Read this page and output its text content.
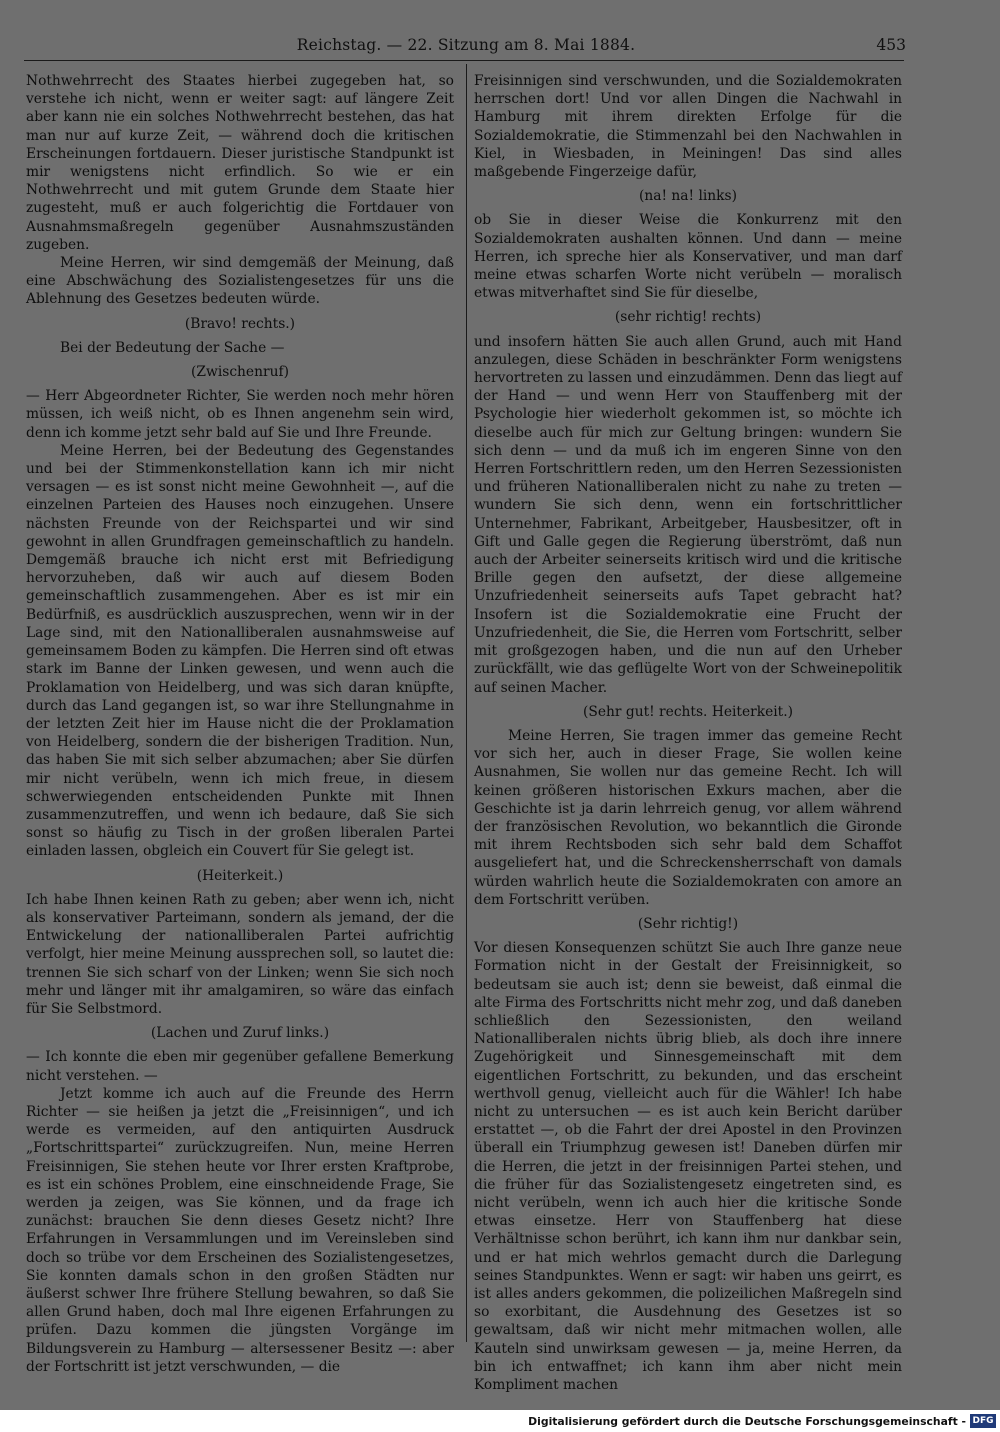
Reichstag. — 22. Sitzung am 8. Mai 1884.	453

Nothwehrrecht des Staates hierbei zugegeben hat, so verstehe ich nicht, wenn er weiter sagt: auf längere Zeit aber kann nie ein solches Nothwehrrecht bestehen, das hat man nur auf kurze Zeit, — während doch die kritischen Erscheinungen fortdauern. Dieser juristische Standpunkt ist mir wenigstens nicht erfindlich. So wie er ein Nothwehrrecht und mit gutem Grunde dem Staate hier zugesteht, muß er auch folgerichtig die Fortdauer von Ausnahmsmaßregeln gegenüber Ausnahmszuständen zugeben.

Meine Herren, wir sind demgemäß der Meinung, daß eine Abschwächung des Sozialistengesetzes für uns die Ablehnung des Gesetzes bedeuten würde.

(Bravo! rechts.)

Bei der Bedeutung der Sache —

(Zwischenruf)

— Herr Abgeordneter Richter, Sie werden noch mehr hören müssen, ich weiß nicht, ob es Ihnen angenehm sein wird, denn ich komme jetzt sehr bald auf Sie und Ihre Freunde.

Meine Herren, bei der Bedeutung des Gegenstandes und bei der Stimmenkonstellation kann ich mir nicht versagen — es ist sonst nicht meine Gewohnheit —, auf die einzelnen Parteien des Hauses noch einzugehen. Unsere nächsten Freunde von der Reichspartei und wir sind gewohnt in allen Grundfragen gemeinschaftlich zu handeln. Demgemäß brauche ich nicht erst mit Befriedigung hervorzuheben, daß wir auch auf diesem Boden gemeinschaftlich zusammengehen. Aber es ist mir ein Bedürfniß, es ausdrücklich auszusprechen, wenn wir in der Lage sind, mit den Nationalliberalen ausnahmsweise auf gemeinsamem Boden zu kämpfen. Die Herren sind oft etwas stark im Banne der Linken gewesen, und wenn auch die Proklamation von Heidelberg, und was sich daran knüpfte, durch das Land gegangen ist, so war ihre Stellungnahme in der letzten Zeit hier im Hause nicht die der Proklamation von Heidelberg, sondern die der bisherigen Tradition. Nun, das haben Sie mit sich selber abzumachen; aber Sie dürfen mir nicht verübeln, wenn ich mich freue, in diesem schwerwiegenden entscheidenden Punkte mit Ihnen zusammenzutreffen, und wenn ich bedaure, daß Sie sich sonst so häufig zu Tisch in der großen liberalen Partei einladen lassen, obgleich ein Couvert für Sie gelegt ist.

(Heiterkeit.)

Ich habe Ihnen keinen Rath zu geben; aber wenn ich, nicht als konservativer Parteimann, sondern als jemand, der die Entwickelung der nationalliberalen Partei aufrichtig verfolgt, hier meine Meinung aussprechen soll, so lautet die: trennen Sie sich scharf von der Linken; wenn Sie sich noch mehr und länger mit ihr amalgamiren, so wäre das einfach für Sie Selbstmord.

(Lachen und Zuruf links.)

— Ich konnte die eben mir gegenüber gefallene Bemerkung nicht verstehen. —

Jetzt komme ich auch auf die Freunde des Herrn Richter — sie heißen ja jetzt die „Freisinnigen“, und ich werde es vermeiden, auf den antiquirten Ausdruck „Fortschrittspartei“ zurückzugreifen. Nun, meine Herren Freisinnigen, Sie stehen heute vor Ihrer ersten Kraftprobe, es ist ein schönes Problem, eine einschneidende Frage, Sie werden ja zeigen, was Sie können, und da frage ich zunächst: brauchen Sie denn dieses Gesetz nicht? Ihre Erfahrungen in Versammlungen und im Vereinsleben sind doch so trübe vor dem Erscheinen des Sozialistengesetzes, Sie konnten damals schon in den großen Städten nur äußerst schwer Ihre frühere Stellung bewahren, so daß Sie allen Grund haben, doch mal Ihre eigenen Erfahrungen zu prüfen. Dazu kommen die jüngsten Vorgänge im Bildungsverein zu Hamburg — altersessener Besitz —: aber der Fortschritt ist jetzt verschwunden, — die

Freisinnigen sind verschwunden, und die Sozialdemokraten herrschen dort! Und vor allen Dingen die Nachwahl in Hamburg mit ihrem direkten Erfolge für die Sozialdemokratie, die Stimmenzahl bei den Nachwahlen in Kiel, in Wiesbaden, in Meiningen! Das sind alles maßgebende Fingerzeige dafür,

(na! na! links)

ob Sie in dieser Weise die Konkurrenz mit den Sozialdemokraten aushalten können. Und dann — meine Herren, ich spreche hier als Konservativer, und man darf meine etwas scharfen Worte nicht verübeln — moralisch etwas mitverhaftet sind Sie für dieselbe,

(sehr richtig! rechts)

und insofern hätten Sie auch allen Grund, auch mit Hand anzulegen, diese Schäden in beschränkter Form wenigstens hervortreten zu lassen und einzudämmen. Denn das liegt auf der Hand — und wenn Herr von Stauffenberg mit der Psychologie hier wiederholt gekommen ist, so möchte ich dieselbe auch für mich zur Geltung bringen: wundern Sie sich denn — und da muß ich im engeren Sinne von den Herren Fortschrittlern reden, um den Herren Sezessionisten und früheren Nationalliberalen nicht zu nahe zu treten — wundern Sie sich denn, wenn ein fortschrittlicher Unternehmer, Fabrikant, Arbeitgeber, Hausbesitzer, oft in Gift und Galle gegen die Regierung überströmt, daß nun auch der Arbeiter seinerseits kritisch wird und die kritische Brille gegen den aufsetzt, der diese allgemeine Unzufriedenheit seinerseits aufs Tapet gebracht hat? Insofern ist die Sozialdemokratie eine Frucht der Unzufriedenheit, die Sie, die Herren vom Fortschritt, selber mit großgezogen haben, und die nun auf den Urheber zurückfällt, wie das geflügelte Wort von der Schweinepolitik auf seinen Macher.

(Sehr gut! rechts. Heiterkeit.)

Meine Herren, Sie tragen immer das gemeine Recht vor sich her, auch in dieser Frage, Sie wollen keine Ausnahmen, Sie wollen nur das gemeine Recht. Ich will keinen größeren historischen Exkurs machen, aber die Geschichte ist ja darin lehrreich genug, vor allem während der französischen Revolution, wo bekanntlich die Gironde mit ihrem Rechtsboden sich sehr bald dem Schaffot ausgeliefert hat, und die Schreckensherrschaft von damals würden wahrlich heute die Sozialdemokraten con amore an dem Fortschritt verüben.

(Sehr richtig!)

Vor diesen Konsequenzen schützt Sie auch Ihre ganze neue Formation nicht in der Gestalt der Freisinnigkeit, so bedeutsam sie auch ist; denn sie beweist, daß einmal die alte Firma des Fortschritts nicht mehr zog, und daß daneben schließlich den Sezessionisten, den weiland Nationalliberalen nichts übrig blieb, als doch ihre innere Zugehörigkeit und Sinnesgemeinschaft mit dem eigentlichen Fortschritt, zu bekunden, und das erscheint werthvoll genug, vielleicht auch für die Wähler! Ich habe nicht zu untersuchen — es ist auch kein Bericht darüber erstattet —, ob die Fahrt der drei Apostel in den Provinzen überall ein Triumphzug gewesen ist! Daneben dürfen mir die Herren, die jetzt in der freisinnigen Partei stehen, und die früher für das Sozialistengesetz eingetreten sind, es nicht verübeln, wenn ich auch hier die kritische Sonde etwas einsetze. Herr von Stauffenberg hat diese Verhältnisse schon berührt, ich kann ihm nur dankbar sein, und er hat mich wehrlos gemacht durch die Darlegung seines Standpunktes. Wenn er sagt: wir haben uns geirrt, es ist alles anders gekommen, die polizeilichen Maßregeln sind so exorbitant, die Ausdehnung des Gesetzes ist so gewaltsam, daß wir nicht mehr mitmachen wollen, alle Kauteln sind unwirksam gewesen — ja, meine Herren, da bin ich entwaffnet; ich kann ihm aber nicht mein Kompliment machen

Digitalisierung gefördert durch die Deutsche Forschungsgemeinschaft - DFG
